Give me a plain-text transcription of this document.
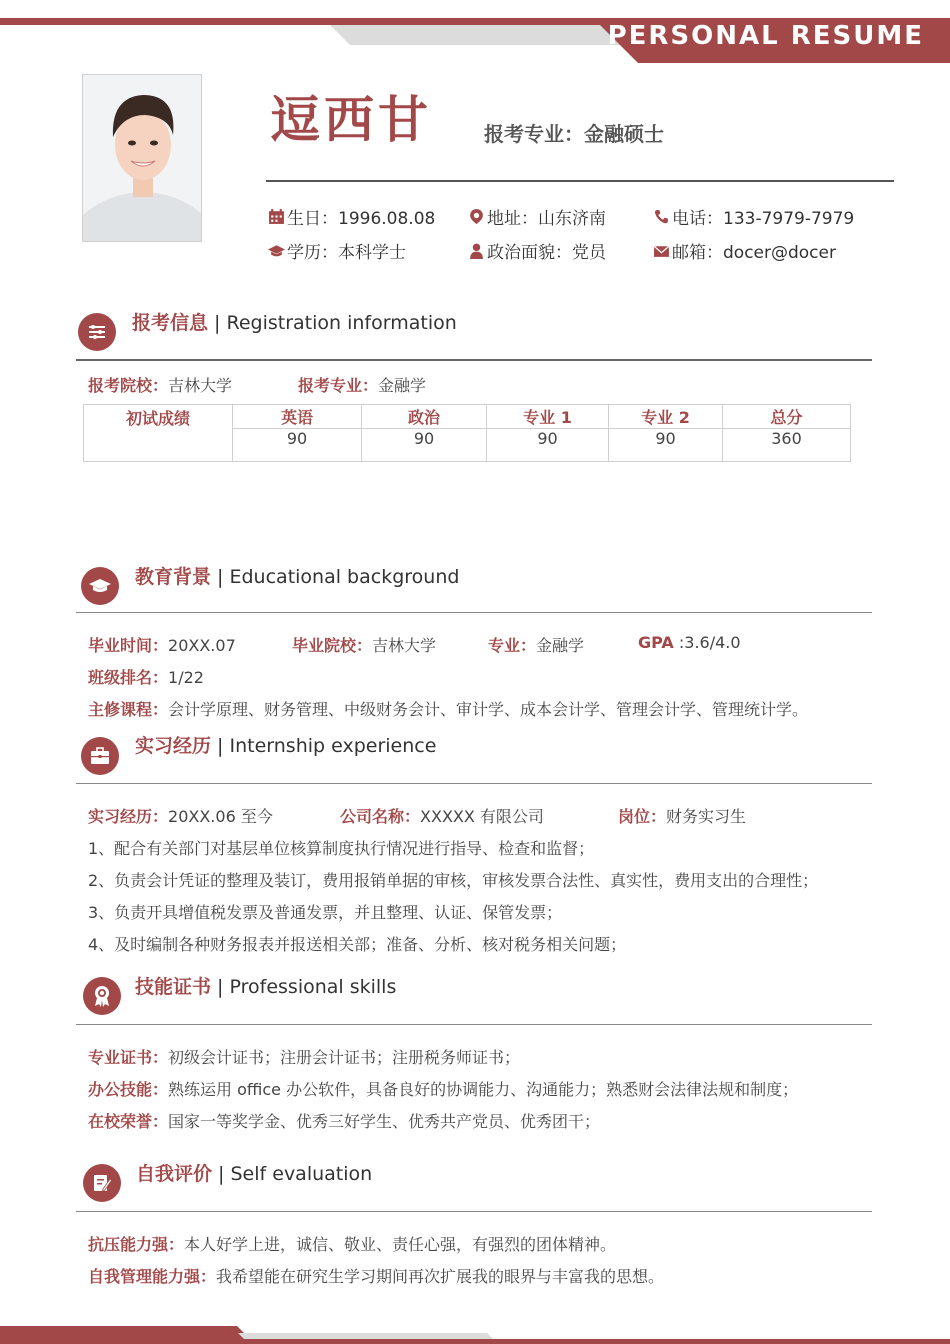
PERSONAL RESUME
逗西甘	报考专业：金融硕士
生日：1996.08.08	地址：山东济南	电话：133-7979-7979
学历：本科学士	政治面貌：党员	邮箱：docer@docer
报考信息 | Registration information
报考院校：吉林大学	报考专业：金融学
初试成绩	英语	政治	专业 1	专业 2	总分
	90	90	90	90	360
教育背景 | Educational background
毕业时间：20XX.07	毕业院校：吉林大学	专业：金融学	GPA :3.6/4.0
班级排名：1/22
主修课程：会计学原理、财务管理、中级财务会计、审计学、成本会计学、管理会计学、管理统计学。
实习经历 | Internship experience
实习经历：20XX.06 至今	公司名称：XXXXX 有限公司	岗位：财务实习生
1、配合有关部门对基层单位核算制度执行情况进行指导、检查和监督；
2、负责会计凭证的整理及装订，费用报销单据的审核，审核发票合法性、真实性，费用支出的合理性；
3、负责开具增值税发票及普通发票，并且整理、认证、保管发票；
4、及时编制各种财务报表并报送相关部；准备、分析、核对税务相关问题；
技能证书 | Professional skills
专业证书：初级会计证书；注册会计证书；注册税务师证书；
办公技能：熟练运用 office 办公软件，具备良好的协调能力、沟通能力；熟悉财会法律法规和制度；
在校荣誉：国家一等奖学金、优秀三好学生、优秀共产党员、优秀团干；
自我评价 | Self evaluation
抗压能力强：本人好学上进，诚信、敬业、责任心强，有强烈的团体精神。
自我管理能力强：我希望能在研究生学习期间再次扩展我的眼界与丰富我的思想。
